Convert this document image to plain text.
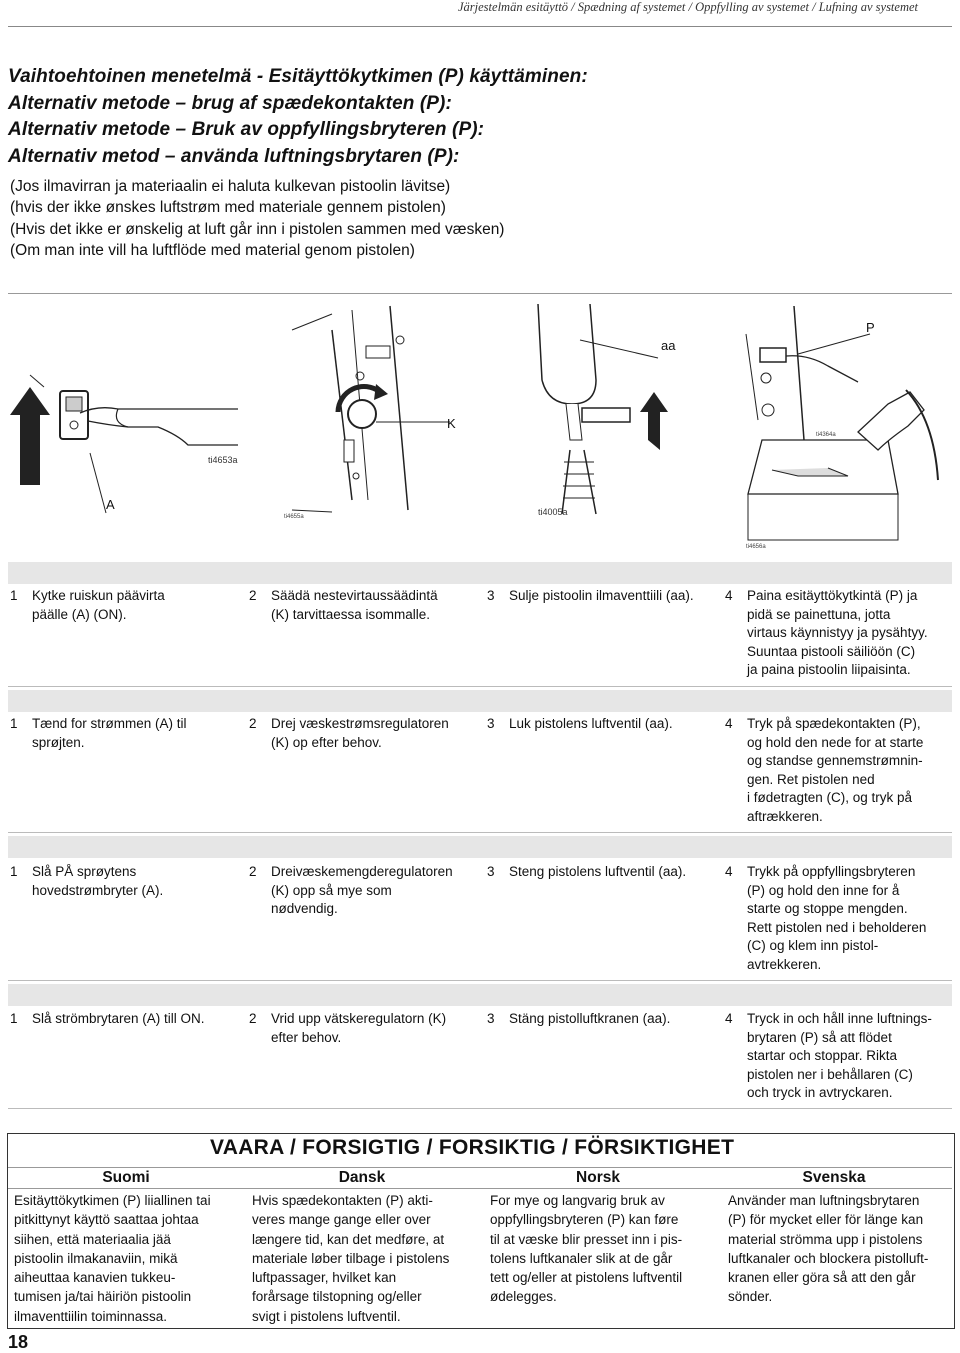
Järjestelmän esitäyttö / Spædning af systemet / Oppfylling av systemet / Lufning av systemet
Vaihtoehtoinen menetelmä - Esitäyttökytkimen (P) käyttäminen:
Alternativ metode – brug af spædekontakten (P):
Alternativ metode – Bruk av oppfyllingsbryteren (P):
Alternativ metod – använda luftningsbrytaren (P):
(Jos ilmavirran ja materiaalin ei haluta kulkevan pistoolin lävitse)
(hvis der ikke ønskes luftstrøm med materiale gennem pistolen)
(Hvis det ikke er ønskelig at luft går inn i pistolen sammen med væsken)
(Om man inte vill ha luftflöde med material genom pistolen)
ti4653a
A
K
ti4655a
aa
ti4005a
P
ti4364a
ti4656a
1	Kytke ruiskun päävirta
päälle (A) (ON).
2	Säädä nestevirtaussäädintä
(K) tarvittaessa isommalle.
3	Sulje pistoolin ilmaventtiili (aa).	4	Paina esitäyttökytkintä (P) ja
pidä se painettuna, jotta
virtaus käynnistyy ja pysähtyy.
Suuntaa pistooli säiliöön (C)
ja paina pistoolin liipaisinta.
1	Tænd for strømmen (A) til
sprøjten.
2	Drej væskestrømsregulatoren
(K) op efter behov.
3	Luk pistolens luftventil (aa).	4	Tryk på spædekontakten (P),
og hold den nede for at starte
og standse gennemstrømnin-
gen. Ret pistolen ned
i fødetragten (C), og tryk på
aftrækkeren.
1	Slå PÅ sprøytens
hovedstrømbryter (A).
2	Dreivæskemengderegulatoren
(K) opp så mye som
nødvendig.
3	Steng pistolens luftventil (aa).	4	Trykk på oppfyllingsbryteren
(P) og hold den inne for å
starte og stoppe mengden.
Rett pistolen ned i beholderen
(C) og klem inn pistol-
avtrekkeren.
1	Slå strömbrytaren (A) till ON.	2	Vrid upp vätskeregulatorn (K)
efter behov.
3	Stäng pistolluftkranen (aa).	4	Tryck in och håll inne luftnings-
brytaren (P) så att flödet
startar och stoppar. Rikta
pistolen ner i behållaren (C)
och tryck in avtryckaren.
VAARA / FORSIGTIG / FORSIKTIG / FÖRSIKTIGHET
Suomi	Dansk	Norsk	Svenska
Esitäyttökytkimen (P) liiallinen tai
pitkittynyt käyttö saattaa johtaa
siihen, että materiaalia jää
pistoolin ilmakanaviin, mikä
aiheuttaa kanavien tukkeu-
tumisen ja/tai häiriön pistoolin
ilmaventtiilin toiminnassa.
Hvis spædekontakten (P) akti-
veres mange gange eller over
længere tid, kan det medføre, at
materiale løber tilbage i pistolens
luftpassager, hvilket kan
forårsage tilstopning og/eller
svigt i pistolens luftventil.
For mye og langvarig bruk av
oppfyllingsbryteren (P) kan føre
til at væske blir presset inn i pis-
tolens luftkanaler slik at de går
tett og/eller at pistolens luftventil
ødelegges.
Använder man luftningsbrytaren
(P) för mycket eller för länge kan
material strömma upp i pistolens
luftkanaler och blockera pistolluft-
kranen eller göra så att den går
sönder.
18
